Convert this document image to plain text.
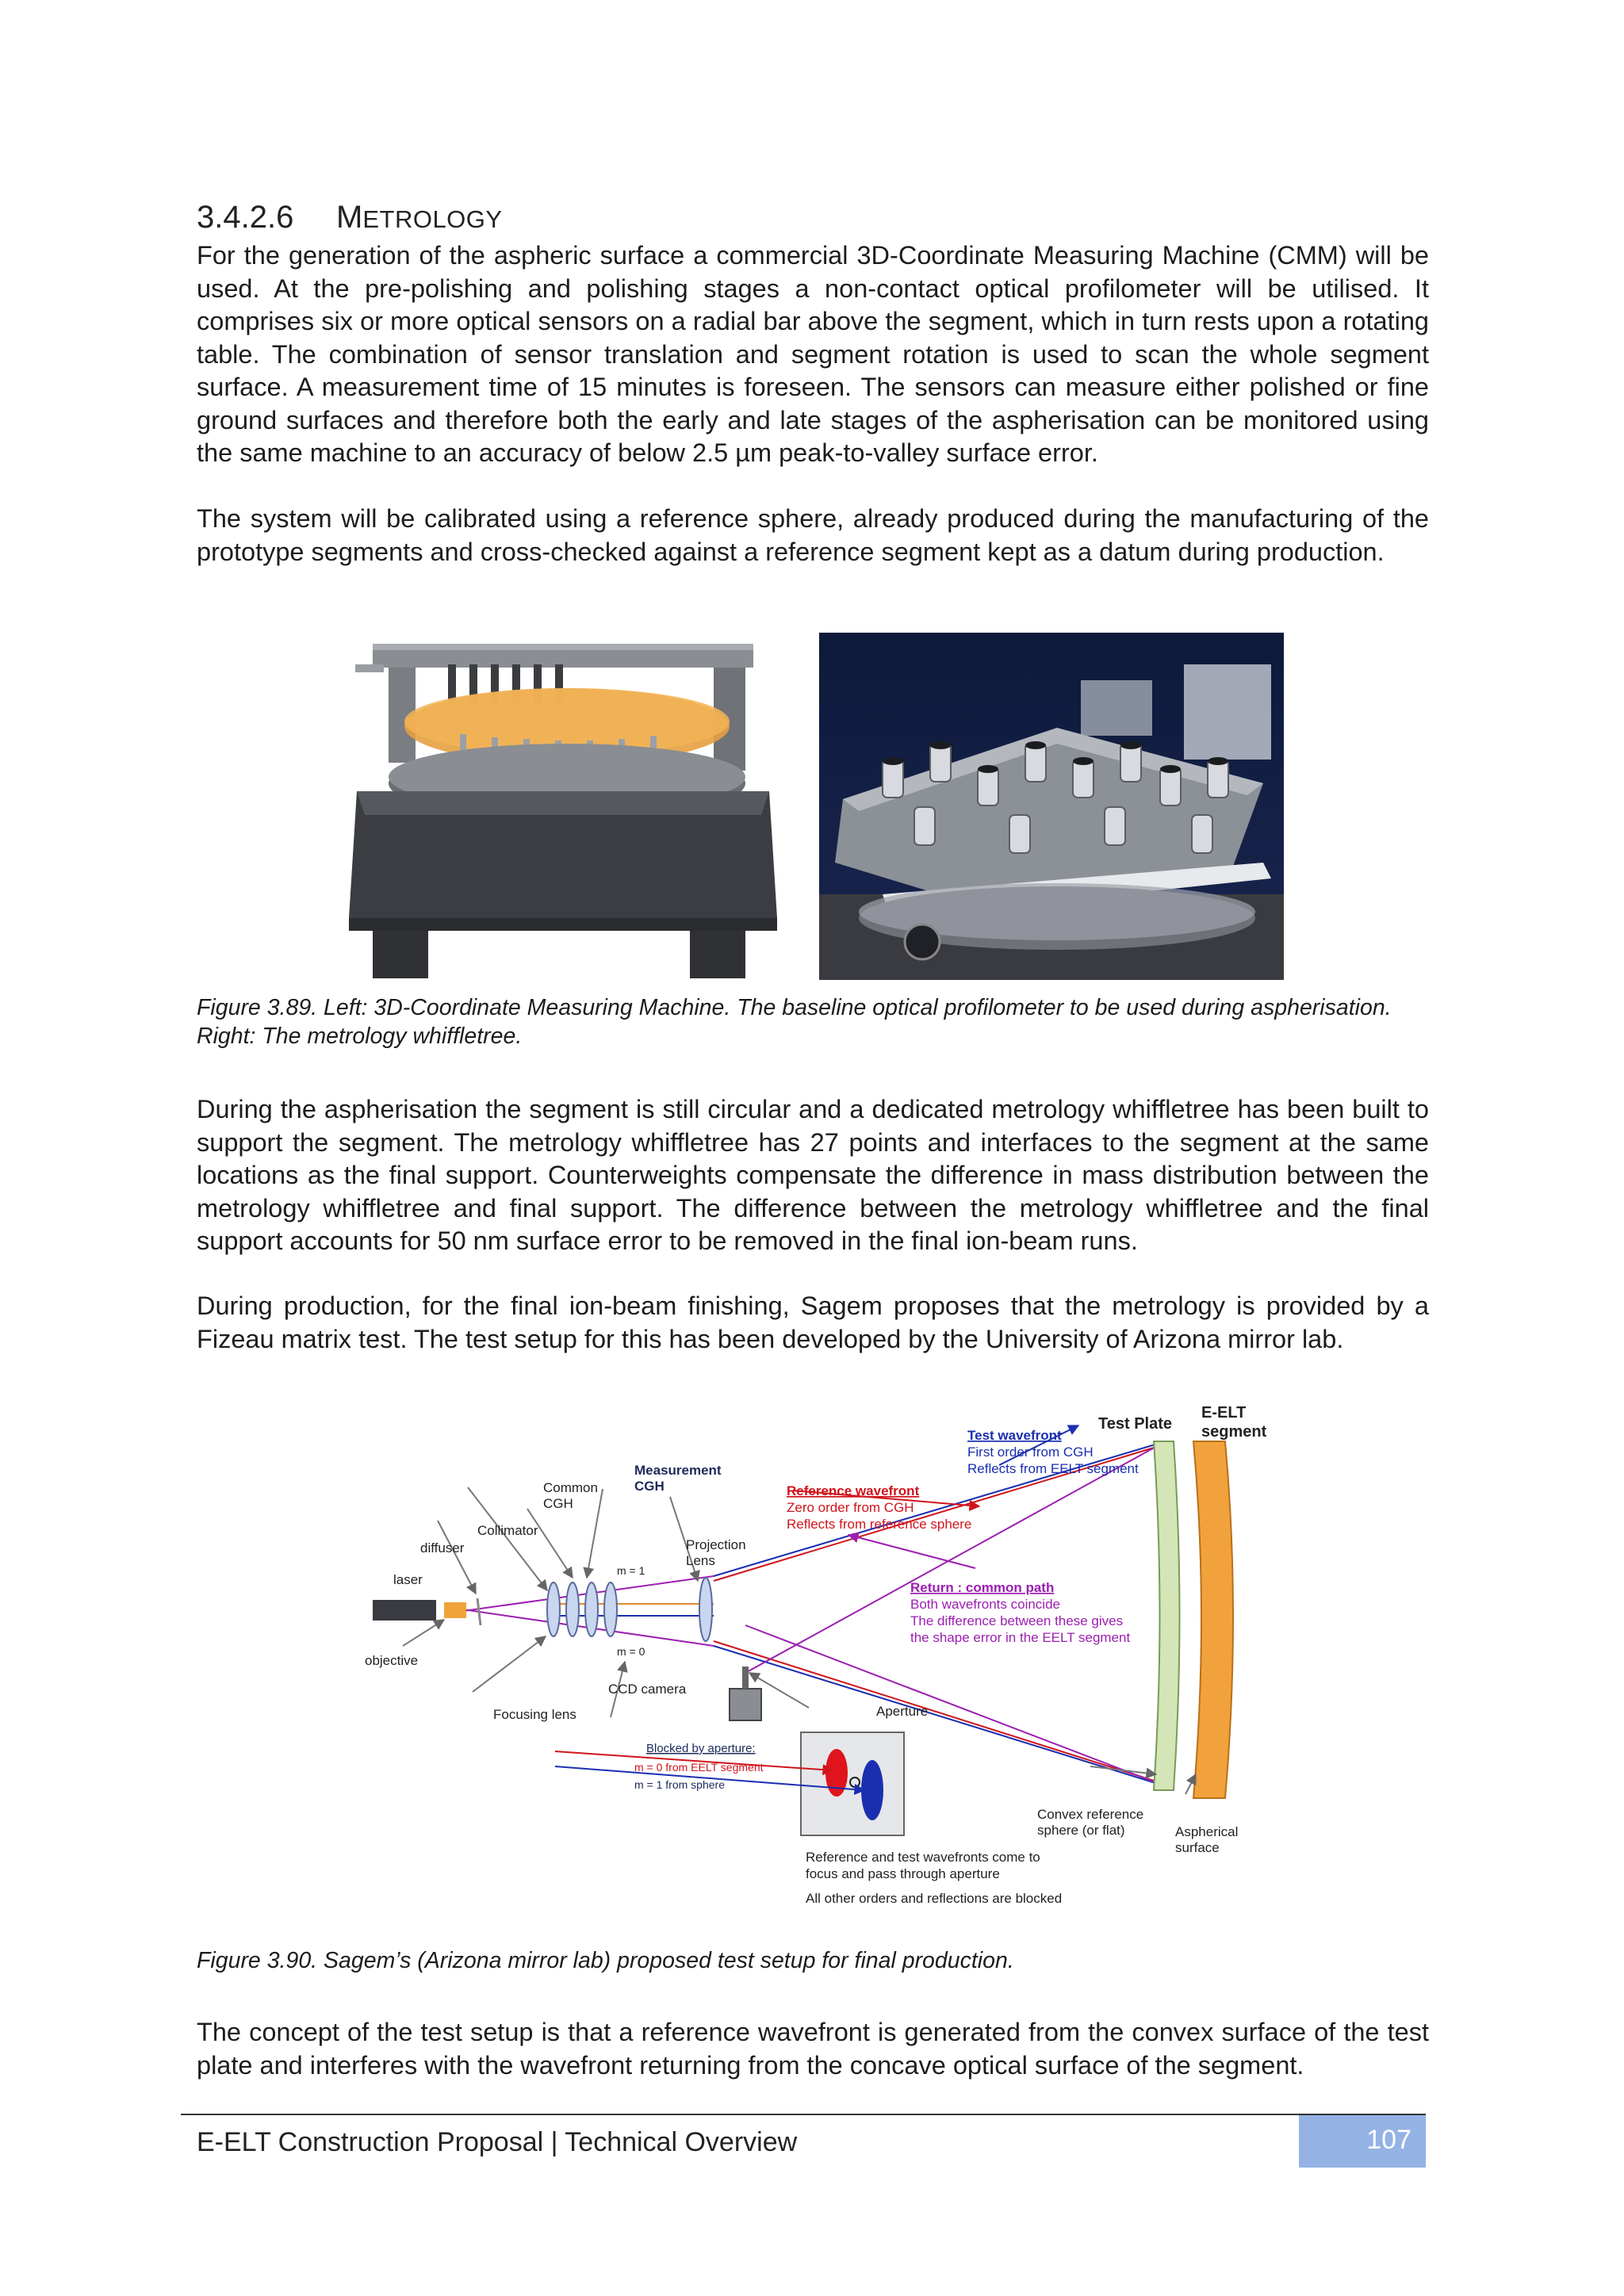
3.4.2.6 METROLOGY
For the generation of the aspheric surface a commercial 3D-Coordinate Measuring Machine (CMM) will be used. At the pre-polishing and polishing stages a non-contact optical profilometer will be utilised. It comprises six or more optical sensors on a radial bar above the segment, which in turn rests upon a rotating table. The combination of sensor translation and segment rotation is used to scan the whole segment surface. A measurement time of 15 minutes is foreseen. The sensors can measure either polished or fine ground surfaces and therefore both the early and late stages of the aspherisation can be monitored using the same machine to an accuracy of below 2.5 µm peak-to-valley surface error.
The system will be calibrated using a reference sphere, already produced during the manufacturing of the prototype segments and cross-checked against a reference segment kept as a datum during production.
Figure 3.89. Left: 3D-Coordinate Measuring Machine. The baseline optical profilometer to be used during aspherisation. Right: The metrology whiffletree.
During the aspherisation the segment is still circular and a dedicated metrology whiffletree has been built to support the segment. The metrology whiffletree has 27 points and interfaces to the segment at the same locations as the final support. Counterweights compensate the difference in mass distribution between the metrology whiffletree and final support. The difference between the metrology whiffletree and the final support accounts for 50 nm surface error to be removed in the final ion-beam runs.
During production, for the final ion-beam finishing, Sagem proposes that the metrology is provided by a Fizeau matrix test. The test setup for this has been developed by the University of Arizona mirror lab.
Test Plate
E-ELT
segment
Test wavefront
First order from CGH
Reflects from EELT segment
Measurement
CGH
Common
CGH
Reference wavefront
Zero order from CGH
Reflects from reference sphere
Collimator
diffuser
laser
Projection
Lens
m = 1
m = 0
Return : common path
Both wavefronts coincide
The difference between these gives
the shape error in the EELT segment
objective
CCD camera
Focusing lens	Aperture
Blocked by aperture:
m = 0 from EELT segment
m = 1 from sphere
Convex reference
sphere (or flat)	Aspherical
surface
Reference and test wavefronts come to
focus and pass through aperture
All other orders and reflections are blocked
Figure 3.90. Sagem’s (Arizona mirror lab) proposed test setup for final production.
The concept of the test setup is that a reference wavefront is generated from the convex surface of the test plate and interferes with the wavefront returning from the concave optical surface of the segment.
E-ELT Construction Proposal | Technical Overview	107
